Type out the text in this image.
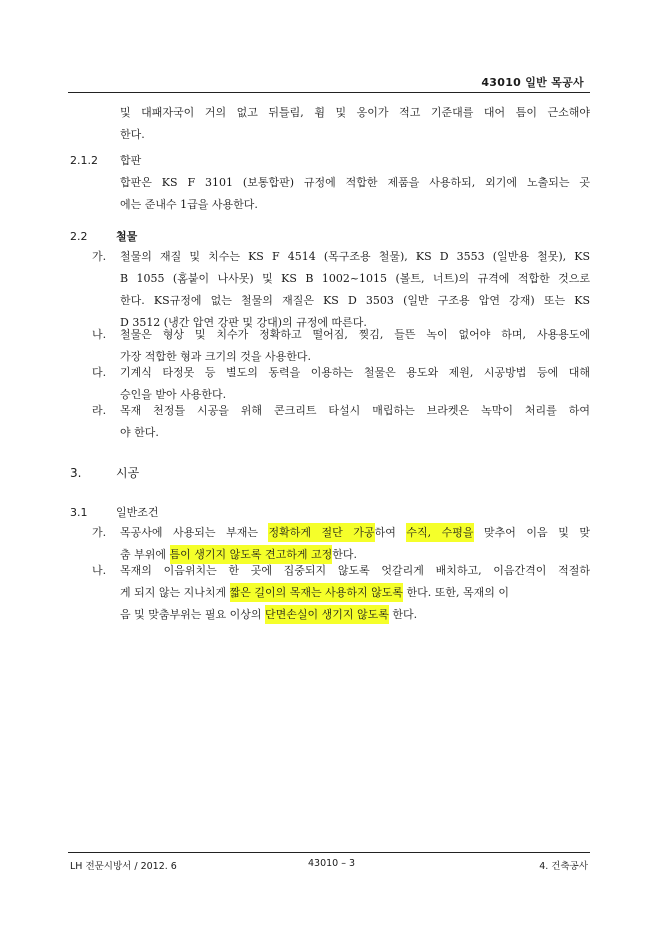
43010 일반 목공사
및 대패자국이 거의 없고 뒤틀림, 휨 및 옹이가 적고 기준대를 대어 틈이 근소해야
한다.
2.1.2 합판
합판은 KS F 3101 (보통합판) 규정에 적합한 제품을 사용하되, 외기에 노출되는 곳
에는 준내수 1급을 사용한다.
2.2	철물
가. 철물의 재질 및 치수는 KS F 4514 (목구조용 철물), KS D 3553 (일반용 철못), KS
B 1055 (홈붙이 나사못) 및 KS B 1002~1015 (볼트, 너트)의 규격에 적합한 것으로
한다. KS규정에 없는 철물의 재질은 KS D 3503 (일반 구조용 압연 강재) 또는 KS
D 3512 (냉간 압연 강판 및 강대)의 규정에 따른다.
나. 철물은 형상 및 치수가 정확하고 떨어짐, 찢김, 들뜬 녹이 없어야 하며, 사용용도에
가장 적합한 형과 크기의 것을 사용한다.
다. 기계식 타정못 등 별도의 동력을 이용하는 철물은 용도와 제원, 시공방법 등에 대해
승인을 받아 사용한다.
라. 목재 천정틀 시공을 위해 콘크리트 타설시 매립하는 브라켓은 녹막이 처리를 하여
야 한다.
3.	시공
3.1	일반조건
가. 목공사에 사용되는 부재는 정확하게 절단 가공하여 수직, 수평을 맞추어 이음 및 맞
춤 부위에 틈이 생기지 않도록 견고하게 고정한다.
나. 목재의 이음위치는 한 곳에 집중되지 않도록 엇갈리게 배치하고, 이음간격이 적절하
게 되지 않는 지나치게 짧은 길이의 목재는 사용하지 않도록 한다. 또한, 목재의 이
음 및 맞춤부위는 필요 이상의 단면손실이 생기지 않도록 한다.
LH 전문시방서 / 2012. 6	43010 – 3	4. 건축공사
